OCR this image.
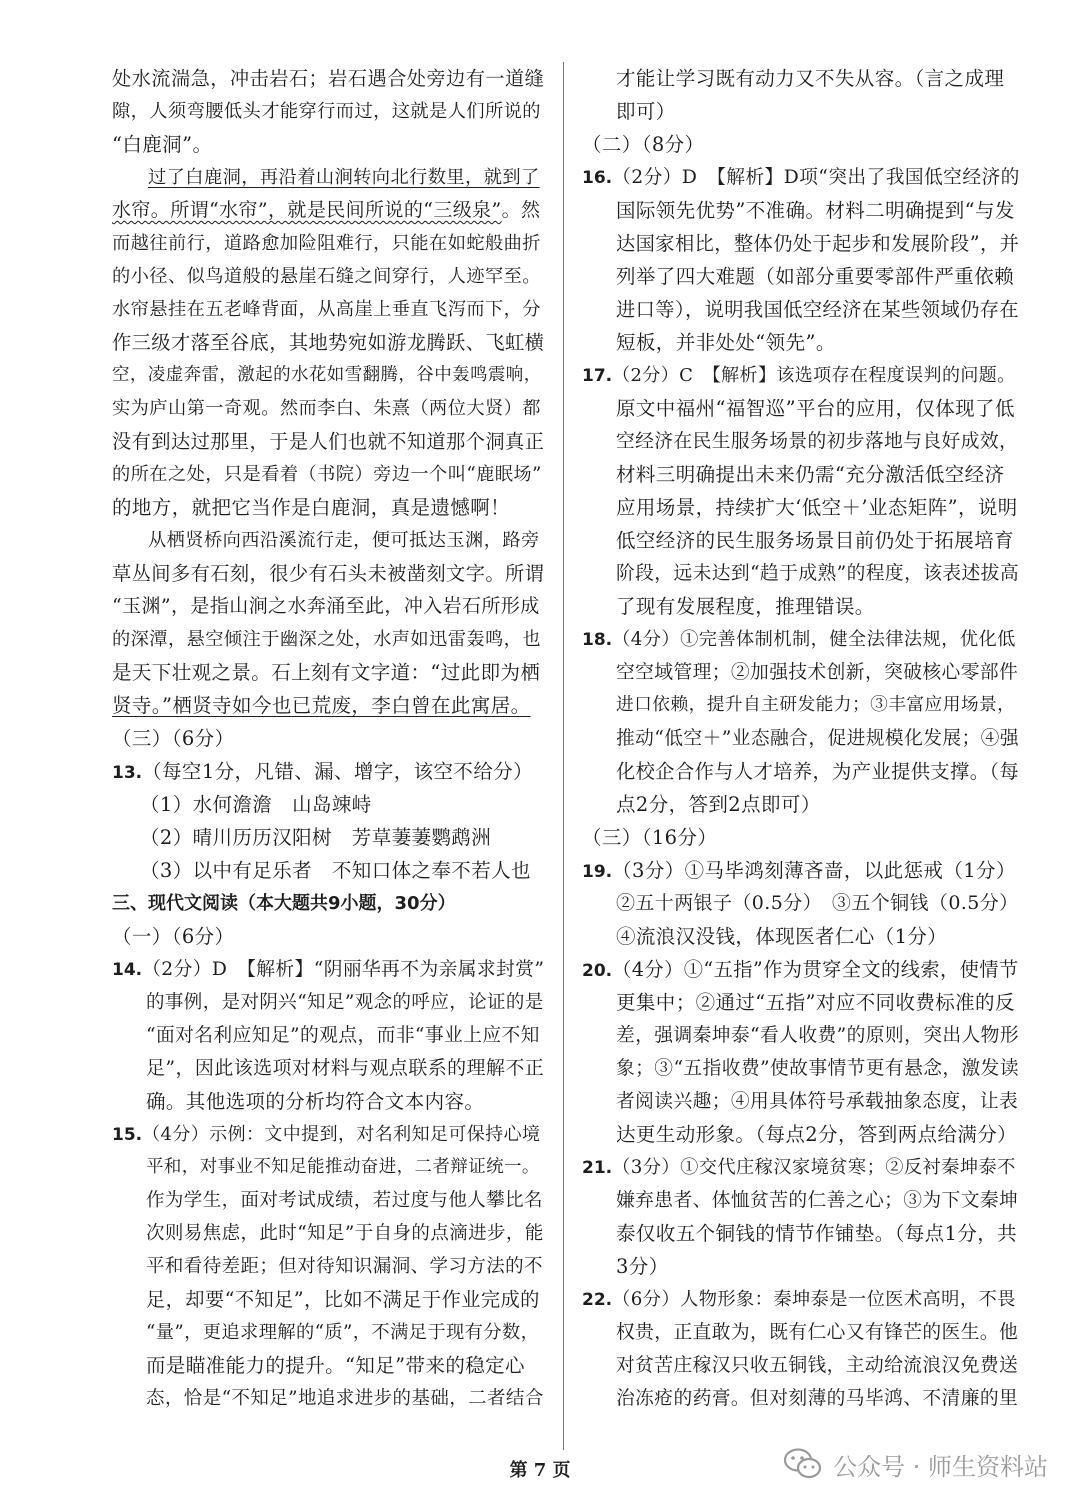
处水流湍急，冲击岩石；岩石遇合处旁边有一道缝
隙，人须弯腰低头才能穿行而过，这就是人们所说的
“白鹿洞”。
过了白鹿洞，再沿着山涧转向北行数里，就到了
水帘。所谓“水帘”，就是民间所说的“三级泉”。然
而越往前行，道路愈加险阻难行，只能在如蛇般曲折
的小径、似鸟道般的悬崖石缝之间穿行，人迹罕至。
水帘悬挂在五老峰背面，从高崖上垂直飞泻而下，分
作三级才落至谷底，其地势宛如游龙腾跃、飞虹横
空，凌虚奔雷，激起的水花如雪翻腾，谷中轰鸣震响，
实为庐山第一奇观。然而李白、朱熹（两位大贤）都
没有到达过那里，于是人们也就不知道那个洞真正
的所在之处，只是看着（书院）旁边一个叫“鹿眠场”
的地方，就把它当作是白鹿洞，真是遗憾啊！
从栖贤桥向西沿溪流行走，便可抵达玉渊，路旁
草丛间多有石刻，很少有石头未被凿刻文字。所谓
“玉渊”，是指山涧之水奔涌至此，冲入岩石所形成
的深潭，悬空倾注于幽深之处，水声如迅雷轰鸣，也
是天下壮观之景。石上刻有文字道：“过此即为栖
贤寺。”栖贤寺如今也已荒废，李白曾在此寓居。
（三）（6分）
13.（每空1分，凡错、漏、增字，该空不给分）
（1）水何澹澹　山岛竦峙
（2）晴川历历汉阳树　芳草萋萋鹦鹉洲
（3）以中有足乐者　不知口体之奉不若人也
三、现代文阅读（本大题共9小题，30分）
（一）（6分）
14.（2分）D　【解析】“阴丽华再不为亲属求封赏”
的事例，是对阴兴“知足”观念的呼应，论证的是
“面对名利应知足”的观点，而非“事业上应不知
足”，因此该选项对材料与观点联系的理解不正
确。其他选项的分析均符合文本内容。
15.（4分）示例：文中提到，对名利知足可保持心境
平和，对事业不知足能推动奋进，二者辩证统一。
作为学生，面对考试成绩，若过度与他人攀比名
次则易焦虑，此时“知足”于自身的点滴进步，能
平和看待差距；但对待知识漏洞、学习方法的不
足，却要“不知足”，比如不满足于作业完成的
“量”，更追求理解的“质”，不满足于现有分数，
而是瞄准能力的提升。“知足”带来的稳定心
态，恰是“不知足”地追求进步的基础，二者结合
才能让学习既有动力又不失从容。（言之成理
即可）
（二）（8分）
16.（2分）D　【解析】D项“突出了我国低空经济的
国际领先优势”不准确。材料二明确提到“与发
达国家相比，整体仍处于起步和发展阶段”，并
列举了四大难题（如部分重要零部件严重依赖
进口等），说明我国低空经济在某些领域仍存在
短板，并非处处“领先”。
17.（2分）C　【解析】该选项存在程度误判的问题。
原文中福州“福智巡”平台的应用，仅体现了低
空经济在民生服务场景的初步落地与良好成效，
材料三明确提出未来仍需“充分激活低空经济
应用场景，持续扩大‘低空＋’业态矩阵”，说明
低空经济的民生服务场景目前仍处于拓展培育
阶段，远未达到“趋于成熟”的程度，该表述拔高
了现有发展程度，推理错误。
18.（4分）①完善体制机制，健全法律法规，优化低
空空域管理；②加强技术创新，突破核心零部件
进口依赖，提升自主研发能力；③丰富应用场景，
推动“低空＋”业态融合，促进规模化发展；④强
化校企合作与人才培养，为产业提供支撑。（每
点2分，答到2点即可）
（三）（16分）
19.（3分）①马毕鸿刻薄吝啬，以此惩戒（1分）
②五十两银子（0.5分）　③五个铜钱（0.5分）
④流浪汉没钱，体现医者仁心（1分）
20.（4分）①“五指”作为贯穿全文的线索，使情节
更集中；②通过“五指”对应不同收费标准的反
差，强调秦坤泰“看人收费”的原则，突出人物形
象；③“五指收费”使故事情节更有悬念，激发读
者阅读兴趣；④用具体符号承载抽象态度，让表
达更生动形象。（每点2分，答到两点给满分）
21.（3分）①交代庄稼汉家境贫寒；②反衬秦坤泰不
嫌弃患者、体恤贫苦的仁善之心；③为下文秦坤
泰仅收五个铜钱的情节作铺垫。（每点1分，共
3分）
22.（6分）人物形象：秦坤泰是一位医术高明，不畏
权贵，正直敢为，既有仁心又有锋芒的医生。他
对贫苦庄稼汉只收五铜钱，主动给流浪汉免费送
治冻疮的药膏。但对刻薄的马毕鸿、不清廉的里
第 7 页	公众号 · 师生资料站
